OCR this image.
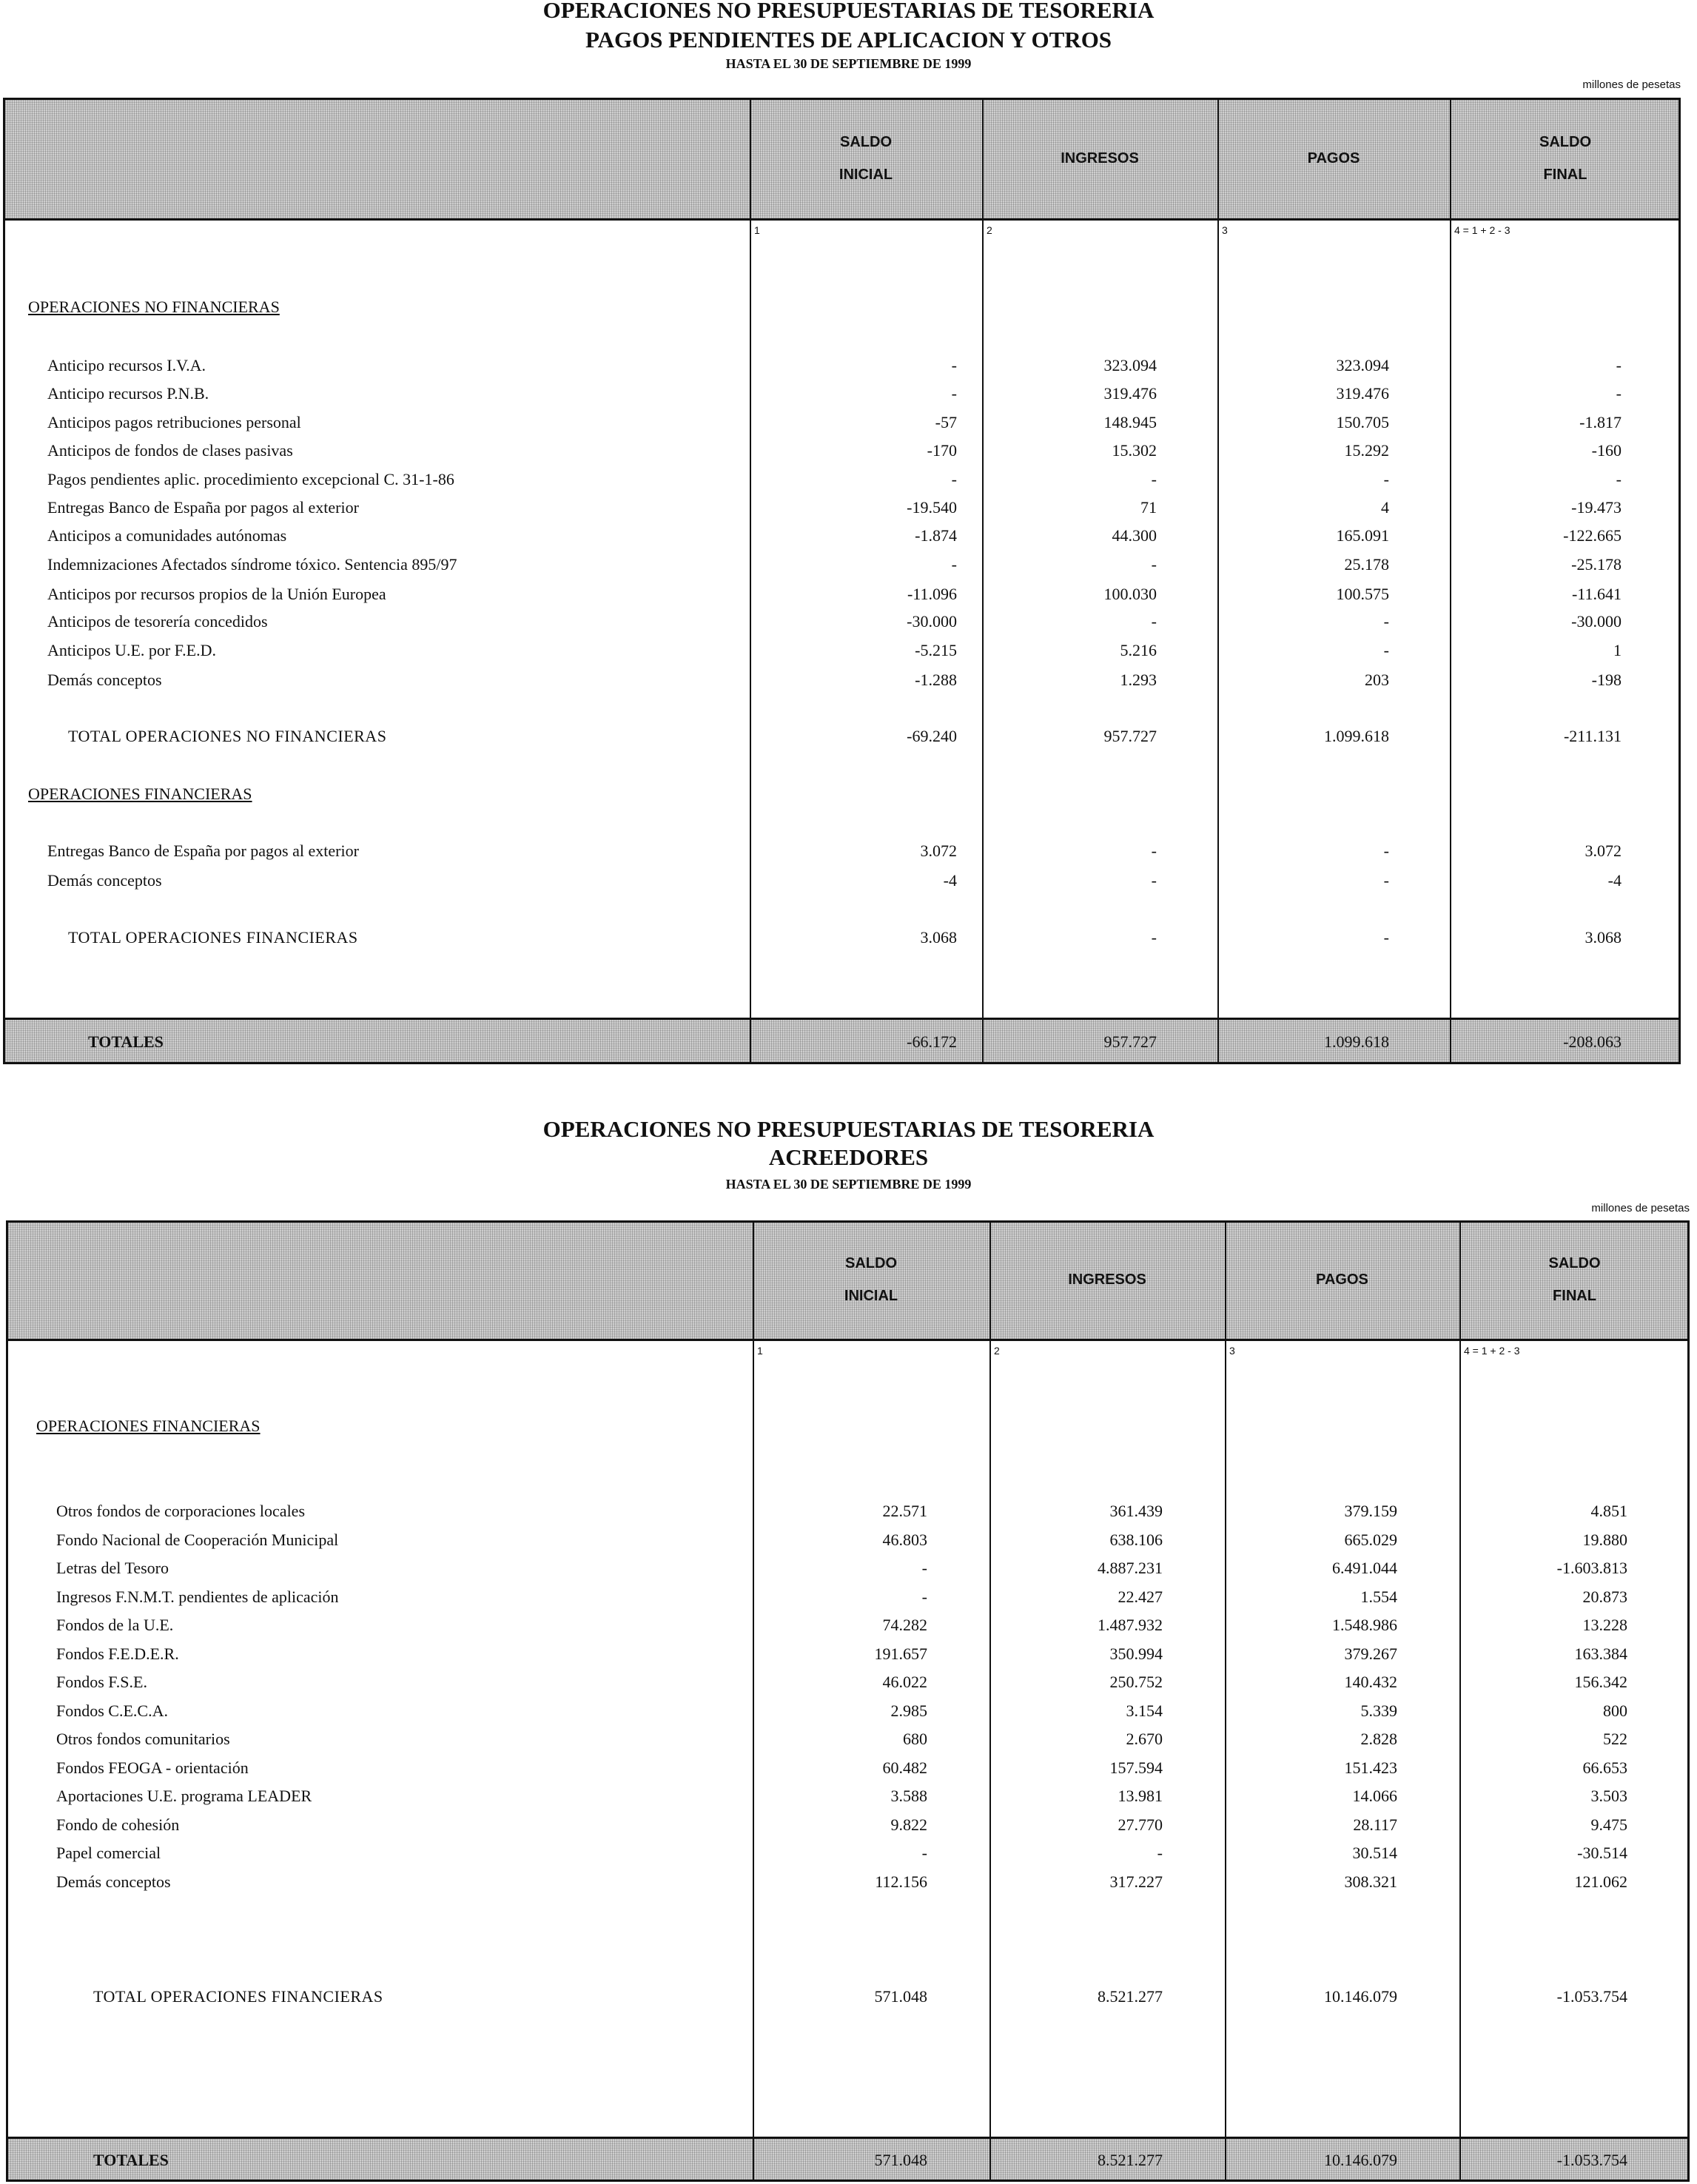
OPERACIONES NO PRESUPUESTARIAS DE TESORERIA
PAGOS PENDIENTES DE APLICACION Y OTROS
HASTA EL 30 DE SEPTIEMBRE DE 1999
millones de pesetas
SALDO
INICIAL
1
INGRESOS
2
PAGOS
3
SALDO
FINAL
4 = 1 + 2 - 3
OPERACIONES NO FINANCIERAS
Anticipo recursos I.V.A.	-	323.094	323.094	-
Anticipo recursos P.N.B.	-	319.476	319.476	-
Anticipos pagos retribuciones personal	-57	148.945	150.705	-1.817
Anticipos de fondos de clases pasivas	-170	15.302	15.292	-160
Pagos pendientes aplic. procedimiento excepcional C. 31-1-86	-	-	-	-
Entregas Banco de España por pagos al exterior	-19.540	71	4	-19.473
Anticipos a comunidades autónomas	-1.874	44.300	165.091	-122.665
Indemnizaciones Afectados síndrome tóxico. Sentencia 895/97	-	-	25.178	-25.178
Anticipos por recursos propios de la Unión Europea	-11.096	100.030	100.575	-11.641
Anticipos de tesorería concedidos	-30.000	-	-	-30.000
Anticipos U.E. por F.E.D.	-5.215	5.216	-	1
Demás conceptos	-1.288	1.293	203	-198
TOTAL OPERACIONES NO FINANCIERAS	-69.240	957.727	1.099.618	-211.131
OPERACIONES FINANCIERAS
Entregas Banco de España por pagos al exterior	3.072	-	-	3.072
Demás conceptos	-4	-	-	-4
TOTAL OPERACIONES FINANCIERAS	3.068	-	-	3.068
TOTALES	-66.172	957.727	1.099.618	-208.063
OPERACIONES NO PRESUPUESTARIAS DE TESORERIA
ACREEDORES
HASTA EL 30 DE SEPTIEMBRE DE 1999
millones de pesetas
SALDO
INICIAL
1
INGRESOS
2
PAGOS
3
SALDO
FINAL
4 = 1 + 2 - 3
OPERACIONES FINANCIERAS
Otros fondos de corporaciones locales	22.571	361.439	379.159	4.851
Fondo Nacional de Cooperación Municipal	46.803	638.106	665.029	19.880
Letras del Tesoro	-	4.887.231	6.491.044	-1.603.813
Ingresos F.N.M.T. pendientes de aplicación	-	22.427	1.554	20.873
Fondos de la U.E.	74.282	1.487.932	1.548.986	13.228
Fondos F.E.D.E.R.	191.657	350.994	379.267	163.384
Fondos F.S.E.	46.022	250.752	140.432	156.342
Fondos C.E.C.A.	2.985	3.154	5.339	800
Otros fondos comunitarios	680	2.670	2.828	522
Fondos FEOGA - orientación	60.482	157.594	151.423	66.653
Aportaciones U.E. programa LEADER	3.588	13.981	14.066	3.503
Fondo de cohesión	9.822	27.770	28.117	9.475
Papel comercial	-	-	30.514	-30.514
Demás conceptos	112.156	317.227	308.321	121.062
TOTAL OPERACIONES FINANCIERAS	571.048	8.521.277	10.146.079	-1.053.754
TOTALES	571.048	8.521.277	10.146.079	-1.053.754
